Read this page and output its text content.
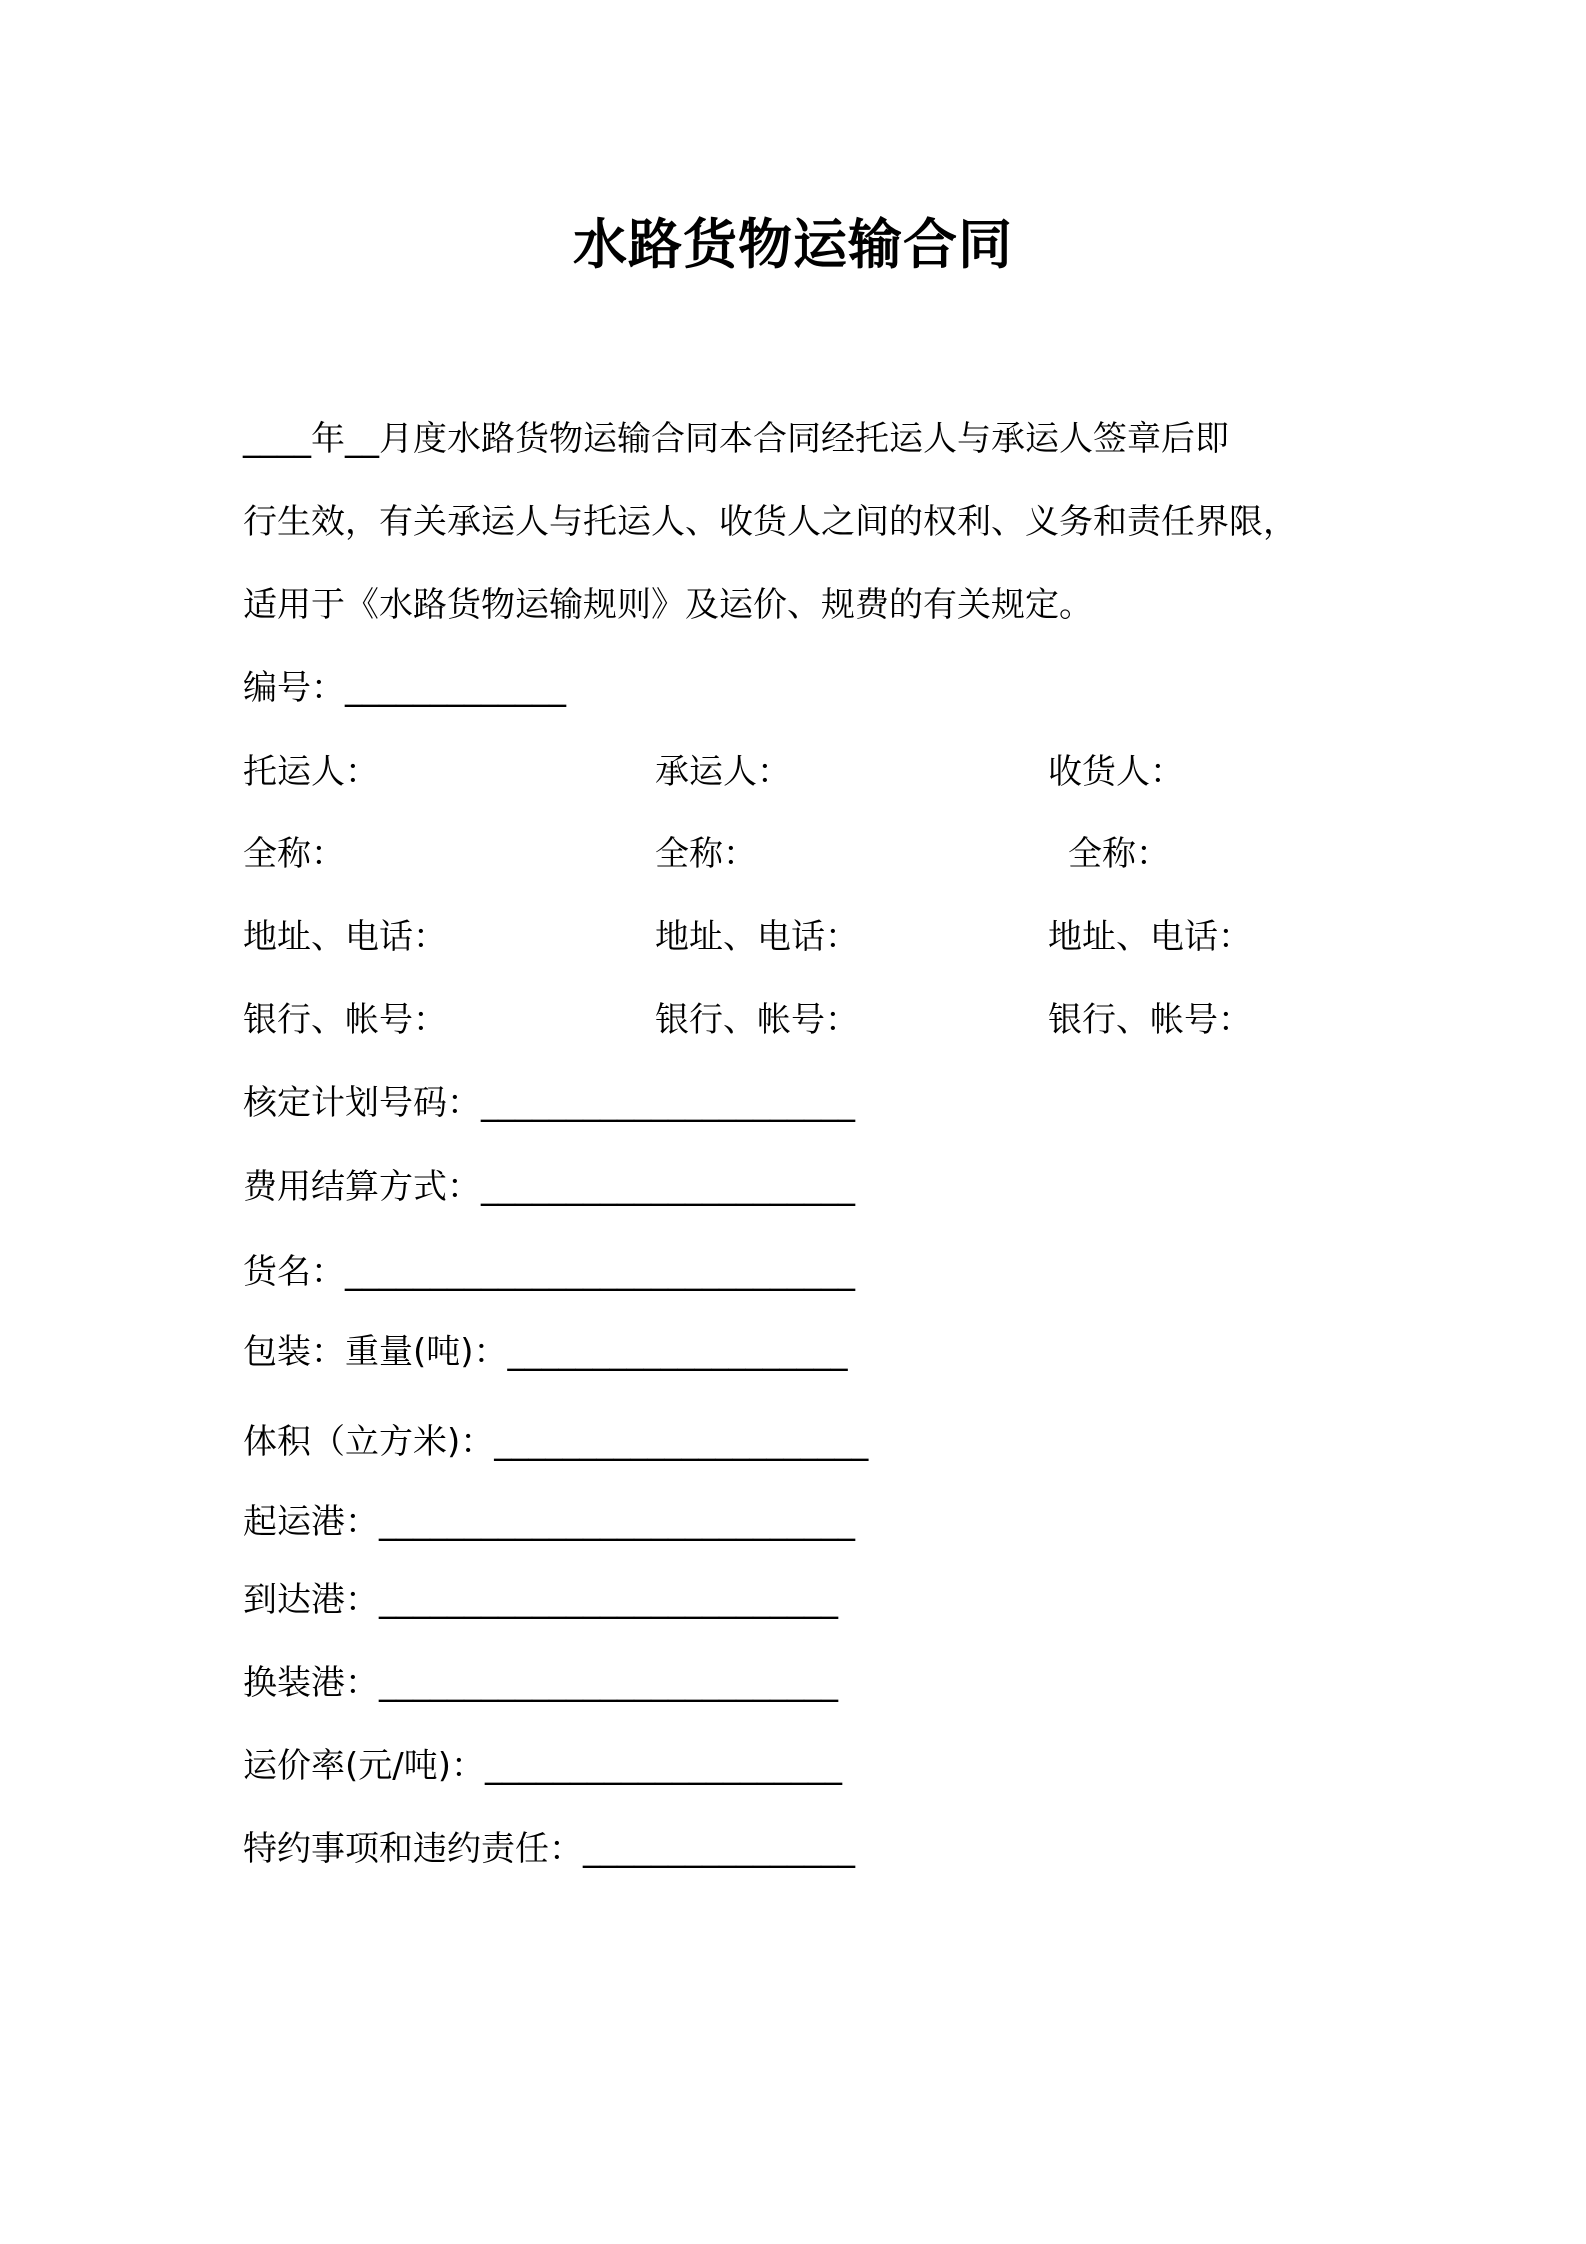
水路货物运输合同
____年__月度水路货物运输合同本合同经托运人与承运人签章后即
行生效，有关承运人与托运人、收货人之间的权利、义务和责任界限，
适用于《水路货物运输规则》及运价、规费的有关规定。
编号：_____________
托运人：	承运人：	收货人：
全称：	全称：	全称：
地址、电话：	地址、电话：	地址、电话：
银行、帐号：	银行、帐号：	银行、帐号：
核定计划号码：______________________
费用结算方式：______________________
货名：______________________________
包装：重量(吨)：____________________
体积（立方米)：______________________
起运港：____________________________
到达港：___________________________
换装港：___________________________
运价率(元/吨)：_____________________
特约事项和违约责任：________________
